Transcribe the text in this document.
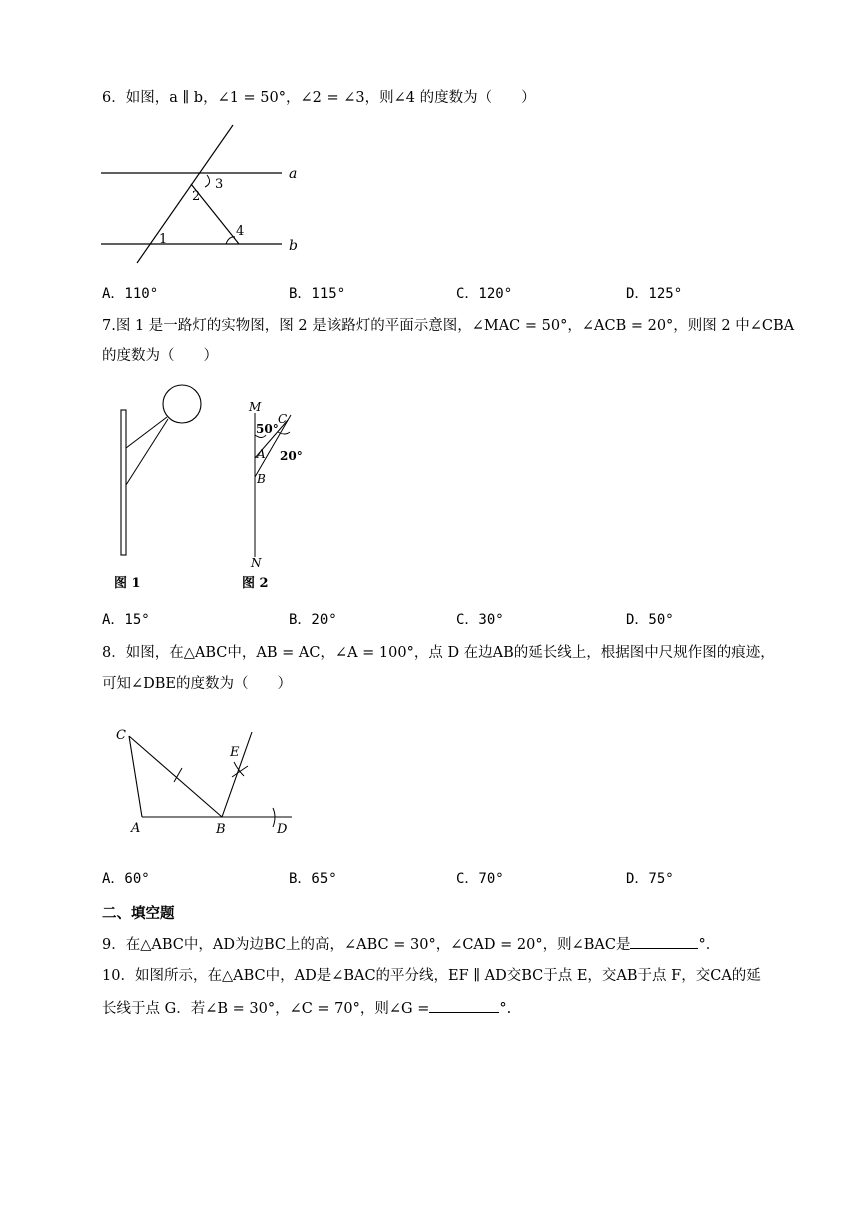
6．如图，a ∥ b，∠1 = 50°，∠2 = ∠3，则∠4 的度数为（　　）
a
b
1
2
3
4
A．110°	B．115°	C．120°	D．125°
7.图 1 是一路灯的实物图，图 2 是该路灯的平面示意图，∠MAC = 50°，∠ACB = 20°，则图 2 中∠CBA
的度数为（　　）
图 1
M
C
50°
A 20°
B
N
图 2
A．15°	B．20°	C．30°	D．50°
8．如图，在△ABC中，AB = AC，∠A = 100°，点 D 在边AB的延长线上，根据图中尺规作图的痕迹，
可知∠DBE的度数为（　　）
C
A	B	D
E
A．60°	B．65°	C．70°	D．75°
二、填空题
9．在△ABC中，AD为边BC上的高，∠ABC = 30°，∠CAD = 20°，则∠BAC是	°．
10．如图所示，在△ABC中，AD是∠BAC的平分线，EF ∥ AD交BC于点 E，交AB于点 F，交CA的延
长线于点 G．若∠B = 30°，∠C = 70°，则∠G =	°.
